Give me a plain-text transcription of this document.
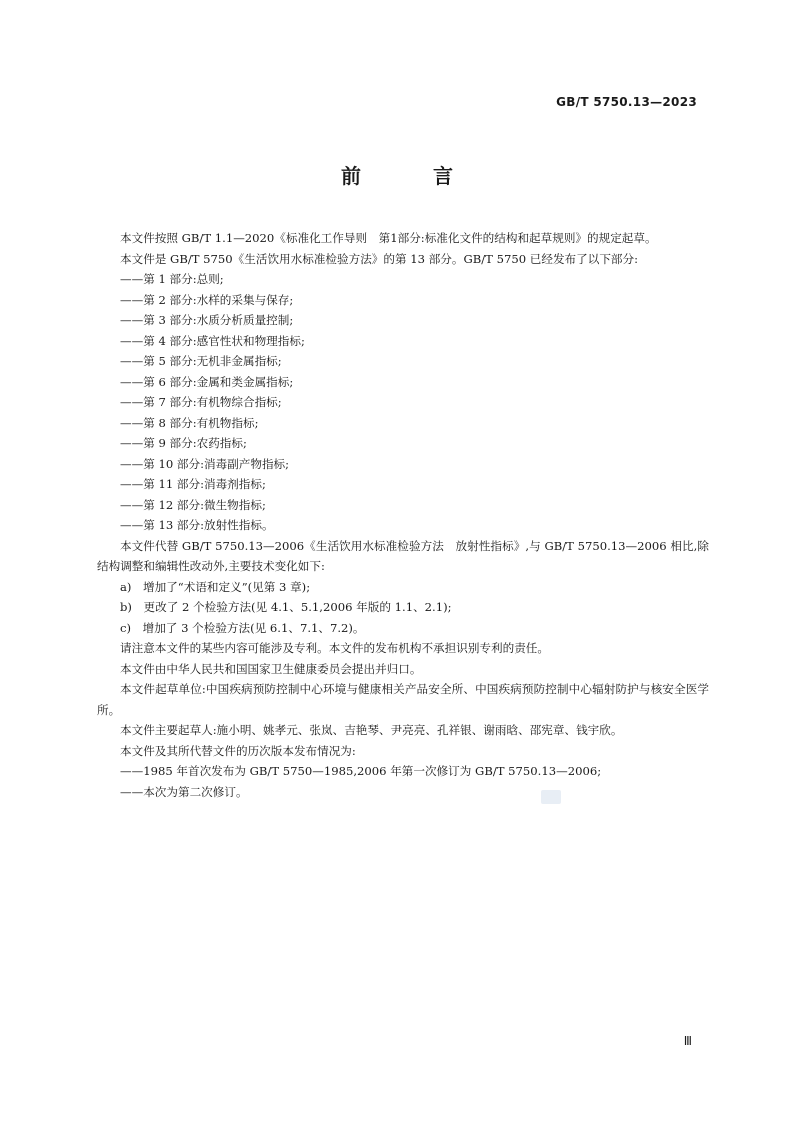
GB/T 5750.13—2023
前　言

本文件按照 GB/T 1.1—2020《标准化工作导则　第1部分:标准化文件的结构和起草规则》的规定起草。

本文件是 GB/T 5750《生活饮用水标准检验方法》的第 13 部分。GB/T 5750 已经发布了以下部分:

——第 1 部分:总则;

——第 2 部分:水样的采集与保存;

——第 3 部分:水质分析质量控制;

——第 4 部分:感官性状和物理指标;

——第 5 部分:无机非金属指标;

——第 6 部分:金属和类金属指标;

——第 7 部分:有机物综合指标;

——第 8 部分:有机物指标;

——第 9 部分:农药指标;

——第 10 部分:消毒副产物指标;

——第 11 部分:消毒剂指标;

——第 12 部分:微生物指标;

——第 13 部分:放射性指标。

本文件代替 GB/T 5750.13—2006《生活饮用水标准检验方法　放射性指标》,与 GB/T 5750.13—2006 相比,除结构调整和编辑性改动外,主要技术变化如下:

a)　增加了“术语和定义”(见第 3 章);

b)　更改了 2 个检验方法(见 4.1、5.1,2006 年版的 1.1、2.1);

c)　增加了 3 个检验方法(见 6.1、7.1、7.2)。

请注意本文件的某些内容可能涉及专利。本文件的发布机构不承担识别专利的责任。

本文件由中华人民共和国国家卫生健康委员会提出并归口。

本文件起草单位:中国疾病预防控制中心环境与健康相关产品安全所、中国疾病预防控制中心辐射防护与核安全医学所。

本文件主要起草人:施小明、姚孝元、张岚、吉艳琴、尹亮亮、孔祥银、谢雨晗、邵宪章、钱宇欣。

本文件及其所代替文件的历次版本发布情况为:

——1985 年首次发布为 GB/T 5750—1985,2006 年第一次修订为 GB/T 5750.13—2006;

——本次为第二次修订。

Ⅲ
